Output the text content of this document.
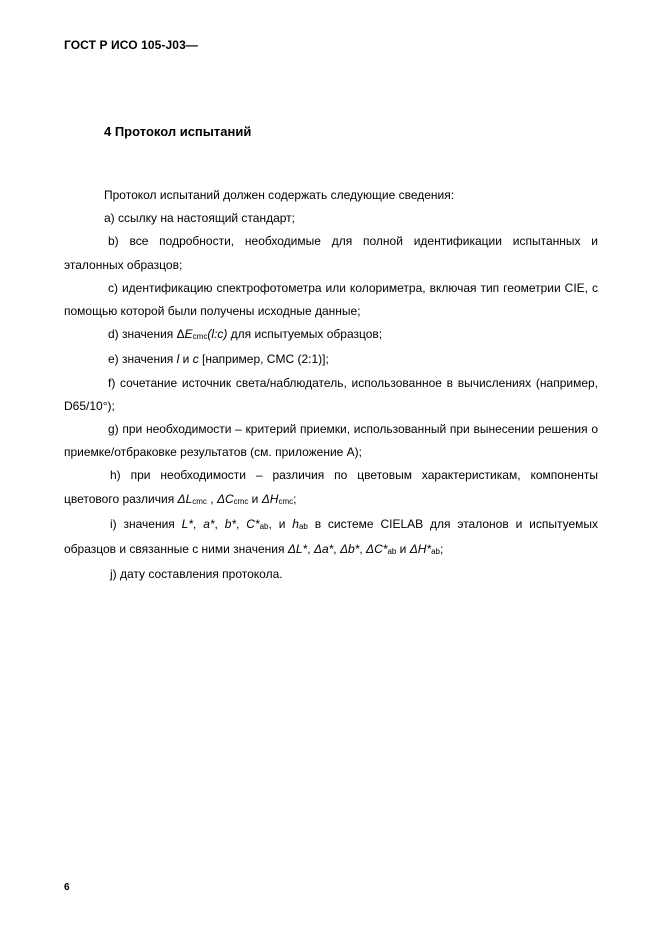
ГОСТ Р ИСО 105-J03—
4 Протокол испытаний

Протокол испытаний должен содержать следующие сведения:

а) ссылку на настоящий стандарт;

b) все подробности, необходимые для полной идентификации испытанных и эталонных образцов;

с) идентификацию спектрофотометра или колориметра, включая тип геометрии CIE, с помощью которой были получены исходные данные;

d) значения ΔEcmc(l:c) для испытуемых образцов;

е) значения l и c [например, CMC (2:1)];

f) сочетание источник света/наблюдатель, использованное в вычислениях (например, D65/10°);

g) при необходимости – критерий приемки, использованный при вынесении решения о приемке/отбраковке результатов (см. приложение А);

h) при необходимости – различия по цветовым характеристикам, компоненты цветового различия ΔLcmc , ΔCcmc и ΔHcmc;

i) значения L*, a*, b*, C*ab, и hab в системе CIELAB для эталонов и испытуемых образцов и связанные с ними значения ΔL*, Δa*, Δb*, ΔC*ab и ΔH*ab;

j) дату составления протокола.

6
